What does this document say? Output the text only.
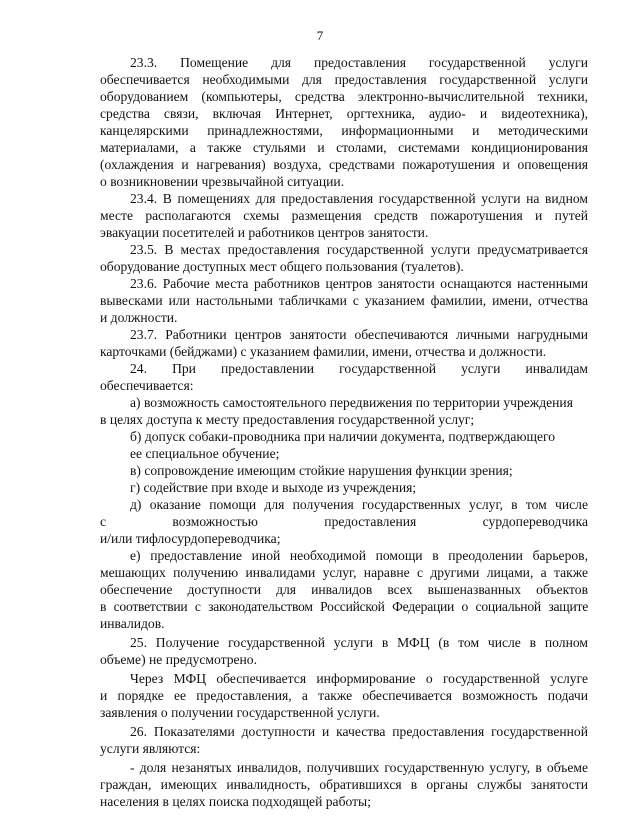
7
23.3. Помещение для предоставления государственной услуги
обеспечивается необходимыми для предоставления государственной услуги
оборудованием (компьютеры, средства электронно-вычислительной техники,
средства связи, включая Интернет, оргтехника, аудио- и видеотехника),
канцелярскими принадлежностями, информационными и методическими
материалами, а также стульями и столами, системами кондиционирования
(охлаждения и нагревания) воздуха, средствами пожаротушения и оповещения
о возникновении чрезвычайной ситуации.
23.4. В помещениях для предоставления государственной услуги на видном
месте располагаются схемы размещения средств пожаротушения и путей
эвакуации посетителей и работников центров занятости.
23.5. В местах предоставления государственной услуги предусматривается
оборудование доступных мест общего пользования (туалетов).
23.6. Рабочие места работников центров занятости оснащаются настенными
вывесками или настольными табличками с указанием фамилии, имени, отчества
и должности.
23.7. Работники центров занятости обеспечиваются личными нагрудными
карточками (бейджами) с указанием фамилии, имени, отчества и должности.
24. При предоставлении государственной услуги инвалидам
обеспечивается:
а) возможность самостоятельного передвижения по территории учреждения
в целях доступа к месту предоставления государственной услуг;
б) допуск собаки-проводника при наличии документа, подтверждающего
ее специальное обучение;
в) сопровождение имеющим стойкие нарушения функции зрения;
г) содействие при входе и выходе из учреждения;
д) оказание помощи для получения государственных услуг, в том числе
с возможностью предоставления сурдопереводчика
и/или тифлосурдопереводчика;
е) предоставление иной необходимой помощи в преодолении барьеров,
мешающих получению инвалидами услуг, наравне с другими лицами, а также
обеспечение доступности для инвалидов всех вышеназванных объектов
в соответствии с законодательством Российской Федерации о социальной защите
инвалидов.
25. Получение государственной услуги в МФЦ (в том числе в полном
объеме) не предусмотрено.
Через МФЦ обеспечивается информирование о государственной услуге
и порядке ее предоставления, а также обеспечивается возможность подачи
заявления о получении государственной услуги.
26. Показателями доступности и качества предоставления государственной
услуги являются:
- доля незанятых инвалидов, получивших государственную услугу, в объеме
граждан, имеющих инвалидность, обратившихся в органы службы занятости
населения в целях поиска подходящей работы;
